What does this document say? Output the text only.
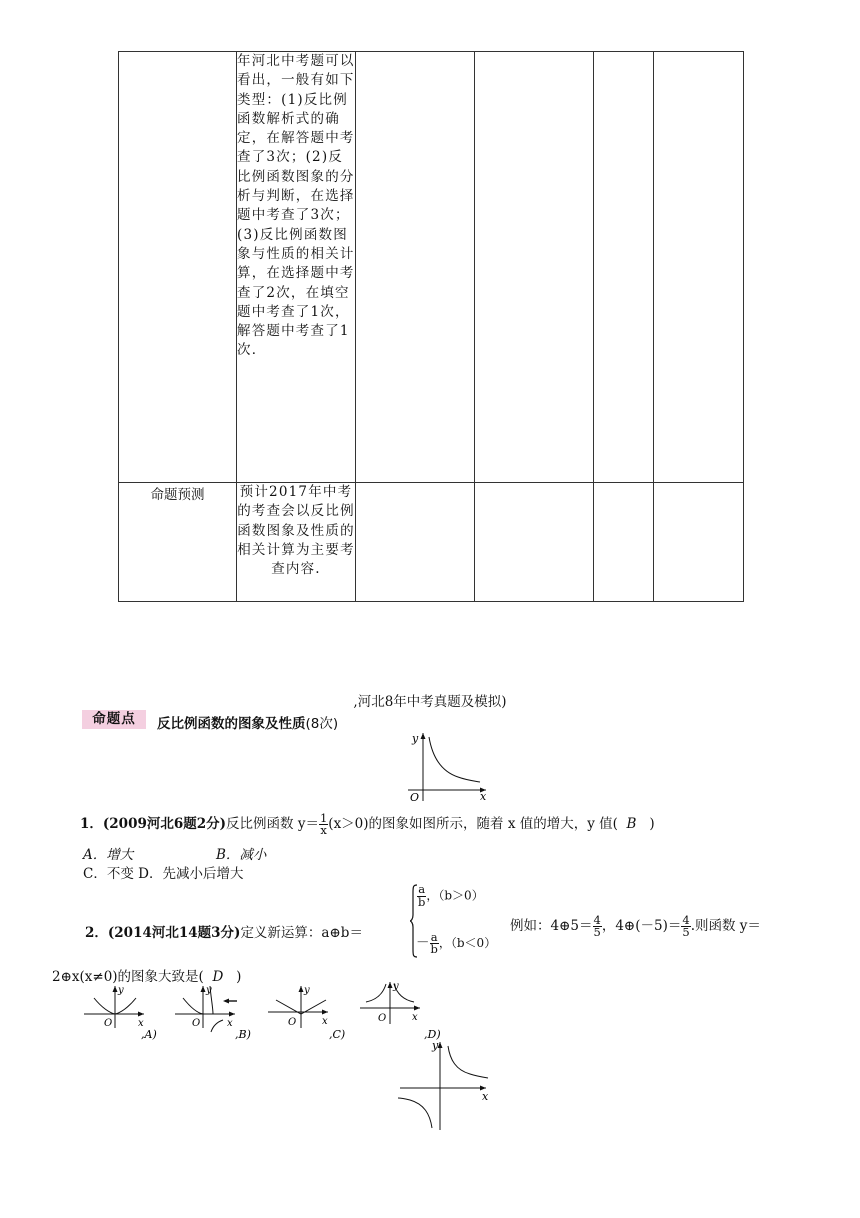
	年河北中考题可以看出，一般有如下类型：(1)反比例函数解析式的确定，在解答题中考查了3次；(2)反比例函数图象的分析与判断，在选择题中考查了3次；(3)反比例函数图象与性质的相关计算，在选择题中考查了2次，在填空题中考查了1次，解答题中考查了1次．				
命题预测	预计2017年中考的考查会以反比例函数图象及性质的相关计算为主要考查内容.				
,河北8年中考真题及模拟)
命题点	反比例函数的图象及性质(8次)
y
x
O
1．(2009河北6题2分)反比例函数 $y= \frac{1}{x} (x>0)$的图象如图所示，随着 x 值的增大，y 值( B )
A．增大	B．减小
C．不变 D．先减小后增大
2．(2014河北14题3分)定义新运算：a⊕b＝
$\frac{a}{b}$ ，（b＞0）
－ $\frac{a}{b}$ ，（b＜0）
例如：4⊕5＝ $\frac{4}{5}$ ，4⊕(－5)＝ $\frac{4}{5}$ .则函数 y＝
2⊕x(x≠0)的图象大致是( D )
y
x
O
,A)
y
x
O
,B)
y
x
O
,C)
y
x
O
,D)
y
x
